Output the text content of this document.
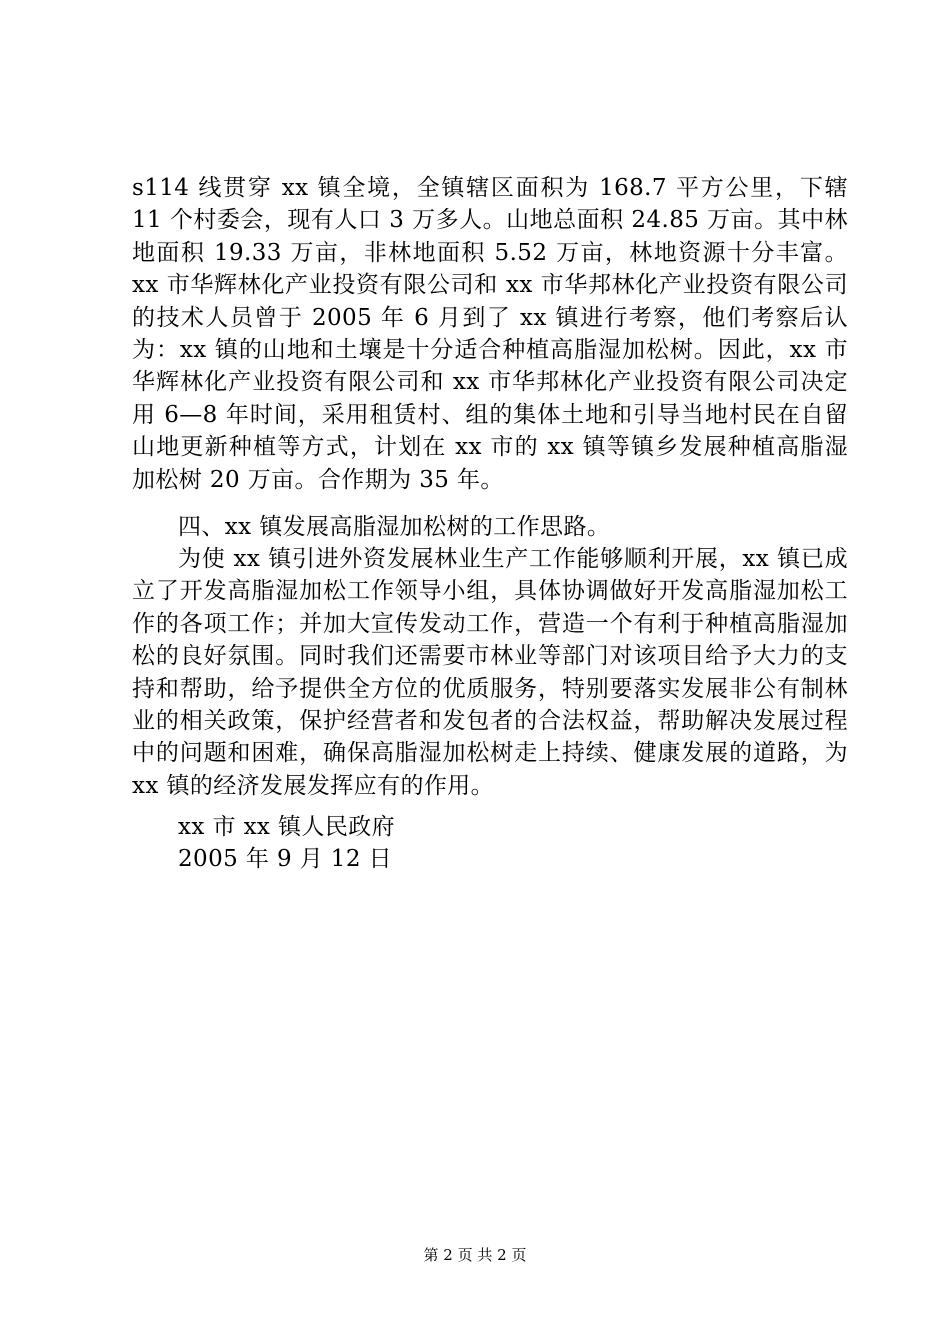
s114 线贯穿 xx 镇全境，全镇辖区面积为 168.7 平方公里，下辖 11 个村委会，现有人口 3 万多人。山地总面积 24.85 万亩。其中林地面积 19.33 万亩，非林地面积 5.52 万亩，林地资源十分丰富。xx 市华辉林化产业投资有限公司和 xx 市华邦林化产业投资有限公司的技术人员曾于 2005 年 6 月到了 xx 镇进行考察，他们考察后认为：xx 镇的山地和土壤是十分适合种植高脂湿加松树。因此，xx 市华辉林化产业投资有限公司和 xx 市华邦林化产业投资有限公司决定用 6—8 年时间，采用租赁村、组的集体土地和引导当地村民在自留山地更新种植等方式，计划在 xx 市的 xx 镇等镇乡发展种植高脂湿加松树 20 万亩。合作期为 35 年。

四、xx 镇发展高脂湿加松树的工作思路。

为使 xx 镇引进外资发展林业生产工作能够顺利开展，xx 镇已成立了开发高脂湿加松工作领导小组，具体协调做好开发高脂湿加松工作的各项工作；并加大宣传发动工作，营造一个有利于种植高脂湿加松的良好氛围。同时我们还需要市林业等部门对该项目给予大力的支持和帮助，给予提供全方位的优质服务，特别要落实发展非公有制林业的相关政策，保护经营者和发包者的合法权益，帮助解决发展过程中的问题和困难，确保高脂湿加松树走上持续、健康发展的道路，为 xx 镇的经济发展发挥应有的作用。

xx 市 xx 镇人民政府

2005 年 9 月 12 日

第 2 页 共 2 页
